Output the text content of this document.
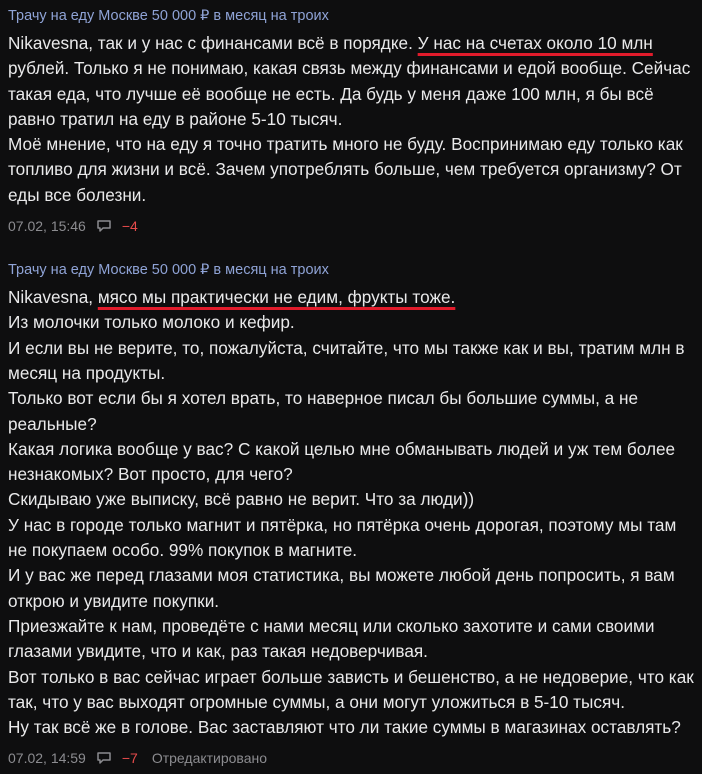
Трачу на еду Москве 50 000 ₽ в месяц на троих

Nikavesna, так и у нас с финансами всё в порядке. У нас на счетах около 10 млн рублей. Только я не понимаю, какая связь между финансами и едой вообще. Сейчас такая еда, что лучше её вообще не есть. Да будь у меня даже 100 млн, я бы всё равно тратил на еду в районе 5-10 тысяч.

Моё мнение, что на еду я точно тратить много не буду. Воспринимаю еду только как топливо для жизни и всё. Зачем употреблять больше, чем требуется организму? От еды все болезни.

07.02, 15:46	−4
Трачу на еду Москве 50 000 ₽ в месяц на троих

Nikavesna, мясо мы практически не едим, фрукты тоже.

Из молочки только молоко и кефир.

И если вы не верите, то, пожалуйста, считайте, что мы также как и вы, тратим млн в месяц на продукты.

Только вот если бы я хотел врать, то наверное писал бы большие суммы, а не реальные?

Какая логика вообще у вас? С какой целью мне обманывать людей и уж тем более незнакомых? Вот просто, для чего?

Скидываю уже выписку, всё равно не верит. Что за люди))

У нас в городе только магнит и пятёрка, но пятёрка очень дорогая, поэтому мы там не покупаем особо. 99% покупок в магните.

И у вас же перед глазами моя статистика, вы можете любой день попросить, я вам открою и увидите покупки.

Приезжайте к нам, проведёте с нами месяц или сколько захотите и сами своими глазами увидите, что и как, раз такая недоверчивая.

Вот только в вас сейчас играет больше зависть и бешенство, а не недоверие, что как так, что у вас выходят огромные суммы, а они могут уложиться в 5-10 тысяч.

Ну так всё же в голове. Вас заставляют что ли такие суммы в магазинах оставлять?

07.02, 14:59	−7 Отредактировано
